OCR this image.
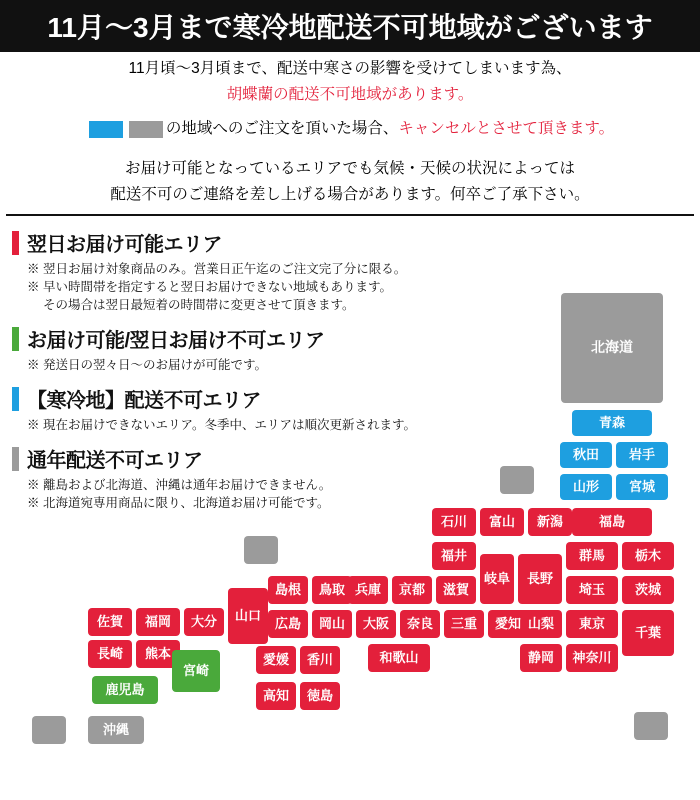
11月～3月まで寒冷地配送不可地域がございます
11月頃～3月頃まで、配送中寒さの影響を受けてしまいます為、
胡蝶蘭の配送不可地域があります。
の地域へのご注文を頂いた場合、 キャンセルとさせて頂きます。
お届け可能となっているエリアでも気候・天候の状況によっては
配送不可のご連絡を差し上げる場合があります。何卒ご了承下さい。
翌日お届け可能エリア
※ 翌日お届け対象商品のみ。営業日正午迄のご注文完了分に限る。
※ 早い時間帯を指定すると翌日お届けできない地域もあります。
その場合は翌日最短着の時間帯に変更させて頂きます。
お届け可能/翌日お届け不可エリア
※ 発送日の翌々日～のお届けが可能です。
【寒冷地】配送不可エリア
※ 現在お届けできないエリア。冬季中、エリアは順次更新されます。
通年配送不可エリア
※ 離島および北海道、沖縄は通年お届けできません。
※ 北海道宛専用商品に限り、北海道お届け可能です。
北海道
青森
秋田	岩手
山形	宮城
福島
群馬	栃木
埼玉	茨城
東京
千葉
山梨
静岡	神奈川
石川	富山	新潟
福井
岐阜	長野
滋賀
京都
兵庫
鳥取
島根
山口
広島	岡山	大阪	奈良	三重	愛知
愛媛	香川	和歌山
高知	徳島
佐賀	福岡	大分
長崎	熊本
宮崎
鹿児島
沖縄
